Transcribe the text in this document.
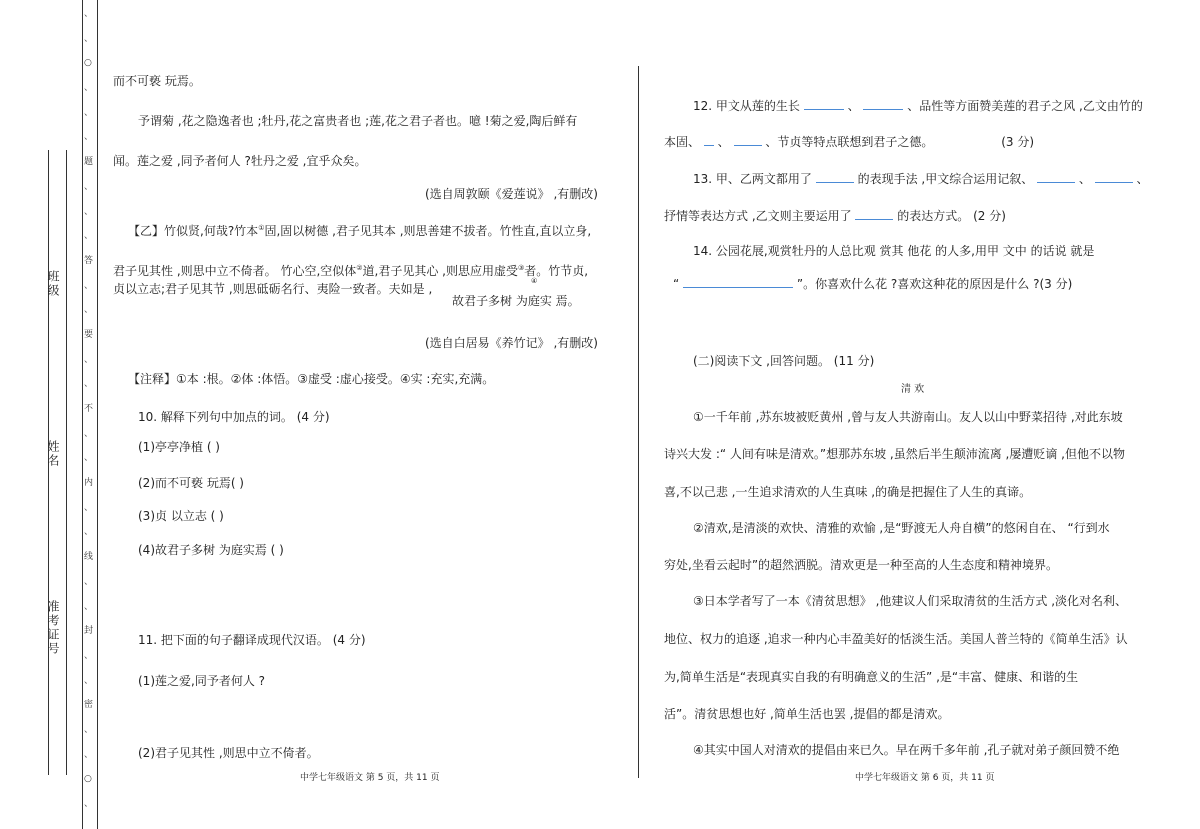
、
、
○
、
、
、
题
、
、
、
答
、
、
要
、
、
不
、
、
内
、
、
线
、
、
封
、
、
密
、
、
○
、
班级
姓名
准考证号
而不可亵 玩焉。
予谓菊 ,花之隐逸者也 ;牡丹,花之富贵者也 ;莲,花之君子者也。噫 !菊之爱,陶后鲜有
闻。莲之爱 ,同予者何人 ?牡丹之爱 ,宜乎众矣。
(选自周敦颐《爱莲说》 ,有删改)
【乙】竹似贤,何哉?竹本①固,固以树德 ,君子见其本 ,则思善建不拔者。竹性直,直以立身,
君子见其性 ,则思中立不倚者。 竹心空,空似体②道,君子见其心 ,则思应用虚受③者。竹节贞,
贞以立志;君子见其节 ,则思砥砺名行、夷险一致者。夫如是 ,
故君子多树 为庭实 焉。
④
(选自白居易《养竹记》 ,有删改)
【注释】①本 :根。②体 :体悟。③虚受 :虚心接受。④实 :充实,充满。
10. 解释下列句中加点的词。 (4 分)
(1)亭亭净植 ( )
(2)而不可亵 玩焉( )
(3)贞 以立志 ( )
(4)故君子多树 为庭实焉 ( )
11. 把下面的句子翻译成现代汉语。 (4 分)
(1)莲之爱,同予者何人 ?
(2)君子见其性 ,则思中立不倚者。
中学七年级语文 第 5 页，共 11 页
12. 甲文从莲的生长	、	、品性等方面赞美莲的君子之风 ,乙文由竹的
本固、 、	、节贞等特点联想到君子之德。	(3 分)
13. 甲、乙两文都用了	的表现手法 ,甲文综合运用记叙、	、	、
抒情等表达方式 ,乙文则主要运用了	的表达方式。 (2 分)
14. 公园花展,观赏牡丹的人总比观 赏其 他花 的人多,用甲 文中 的话说 就是
“	”。你喜欢什么花 ?喜欢这种花的原因是什么 ?(3 分)
(二)阅读下文 ,回答问题。 (11 分)
清 欢
①一千年前 ,苏东坡被贬黄州 ,曾与友人共游南山。友人以山中野菜招待 ,对此东坡
诗兴大发 :“ 人间有味是清欢。”想那苏东坡 ,虽然后半生颠沛流离 ,屡遭贬谪 ,但他不以物
喜,不以己悲 ,一生追求清欢的人生真味 ,的确是把握住了人生的真谛。
②清欢,是清淡的欢快、清雅的欢愉 ,是“野渡无人舟自横”的悠闲自在、 “行到水
穷处,坐看云起时”的超然洒脱。清欢更是一种至高的人生态度和精神境界。
③日本学者写了一本《清贫思想》 ,他建议人们采取清贫的生活方式 ,淡化对名利、
地位、权力的追逐 ,追求一种内心丰盈美好的恬淡生活。美国人普兰特的《简单生活》认
为,简单生活是“表现真实自我的有明确意义的生活” ,是“丰富、健康、和谐的生
活”。清贫思想也好 ,简单生活也罢 ,提倡的都是清欢。
④其实中国人对清欢的提倡由来已久。早在两千多年前 ,孔子就对弟子颜回赞不绝
中学七年级语文 第 6 页，共 11 页
